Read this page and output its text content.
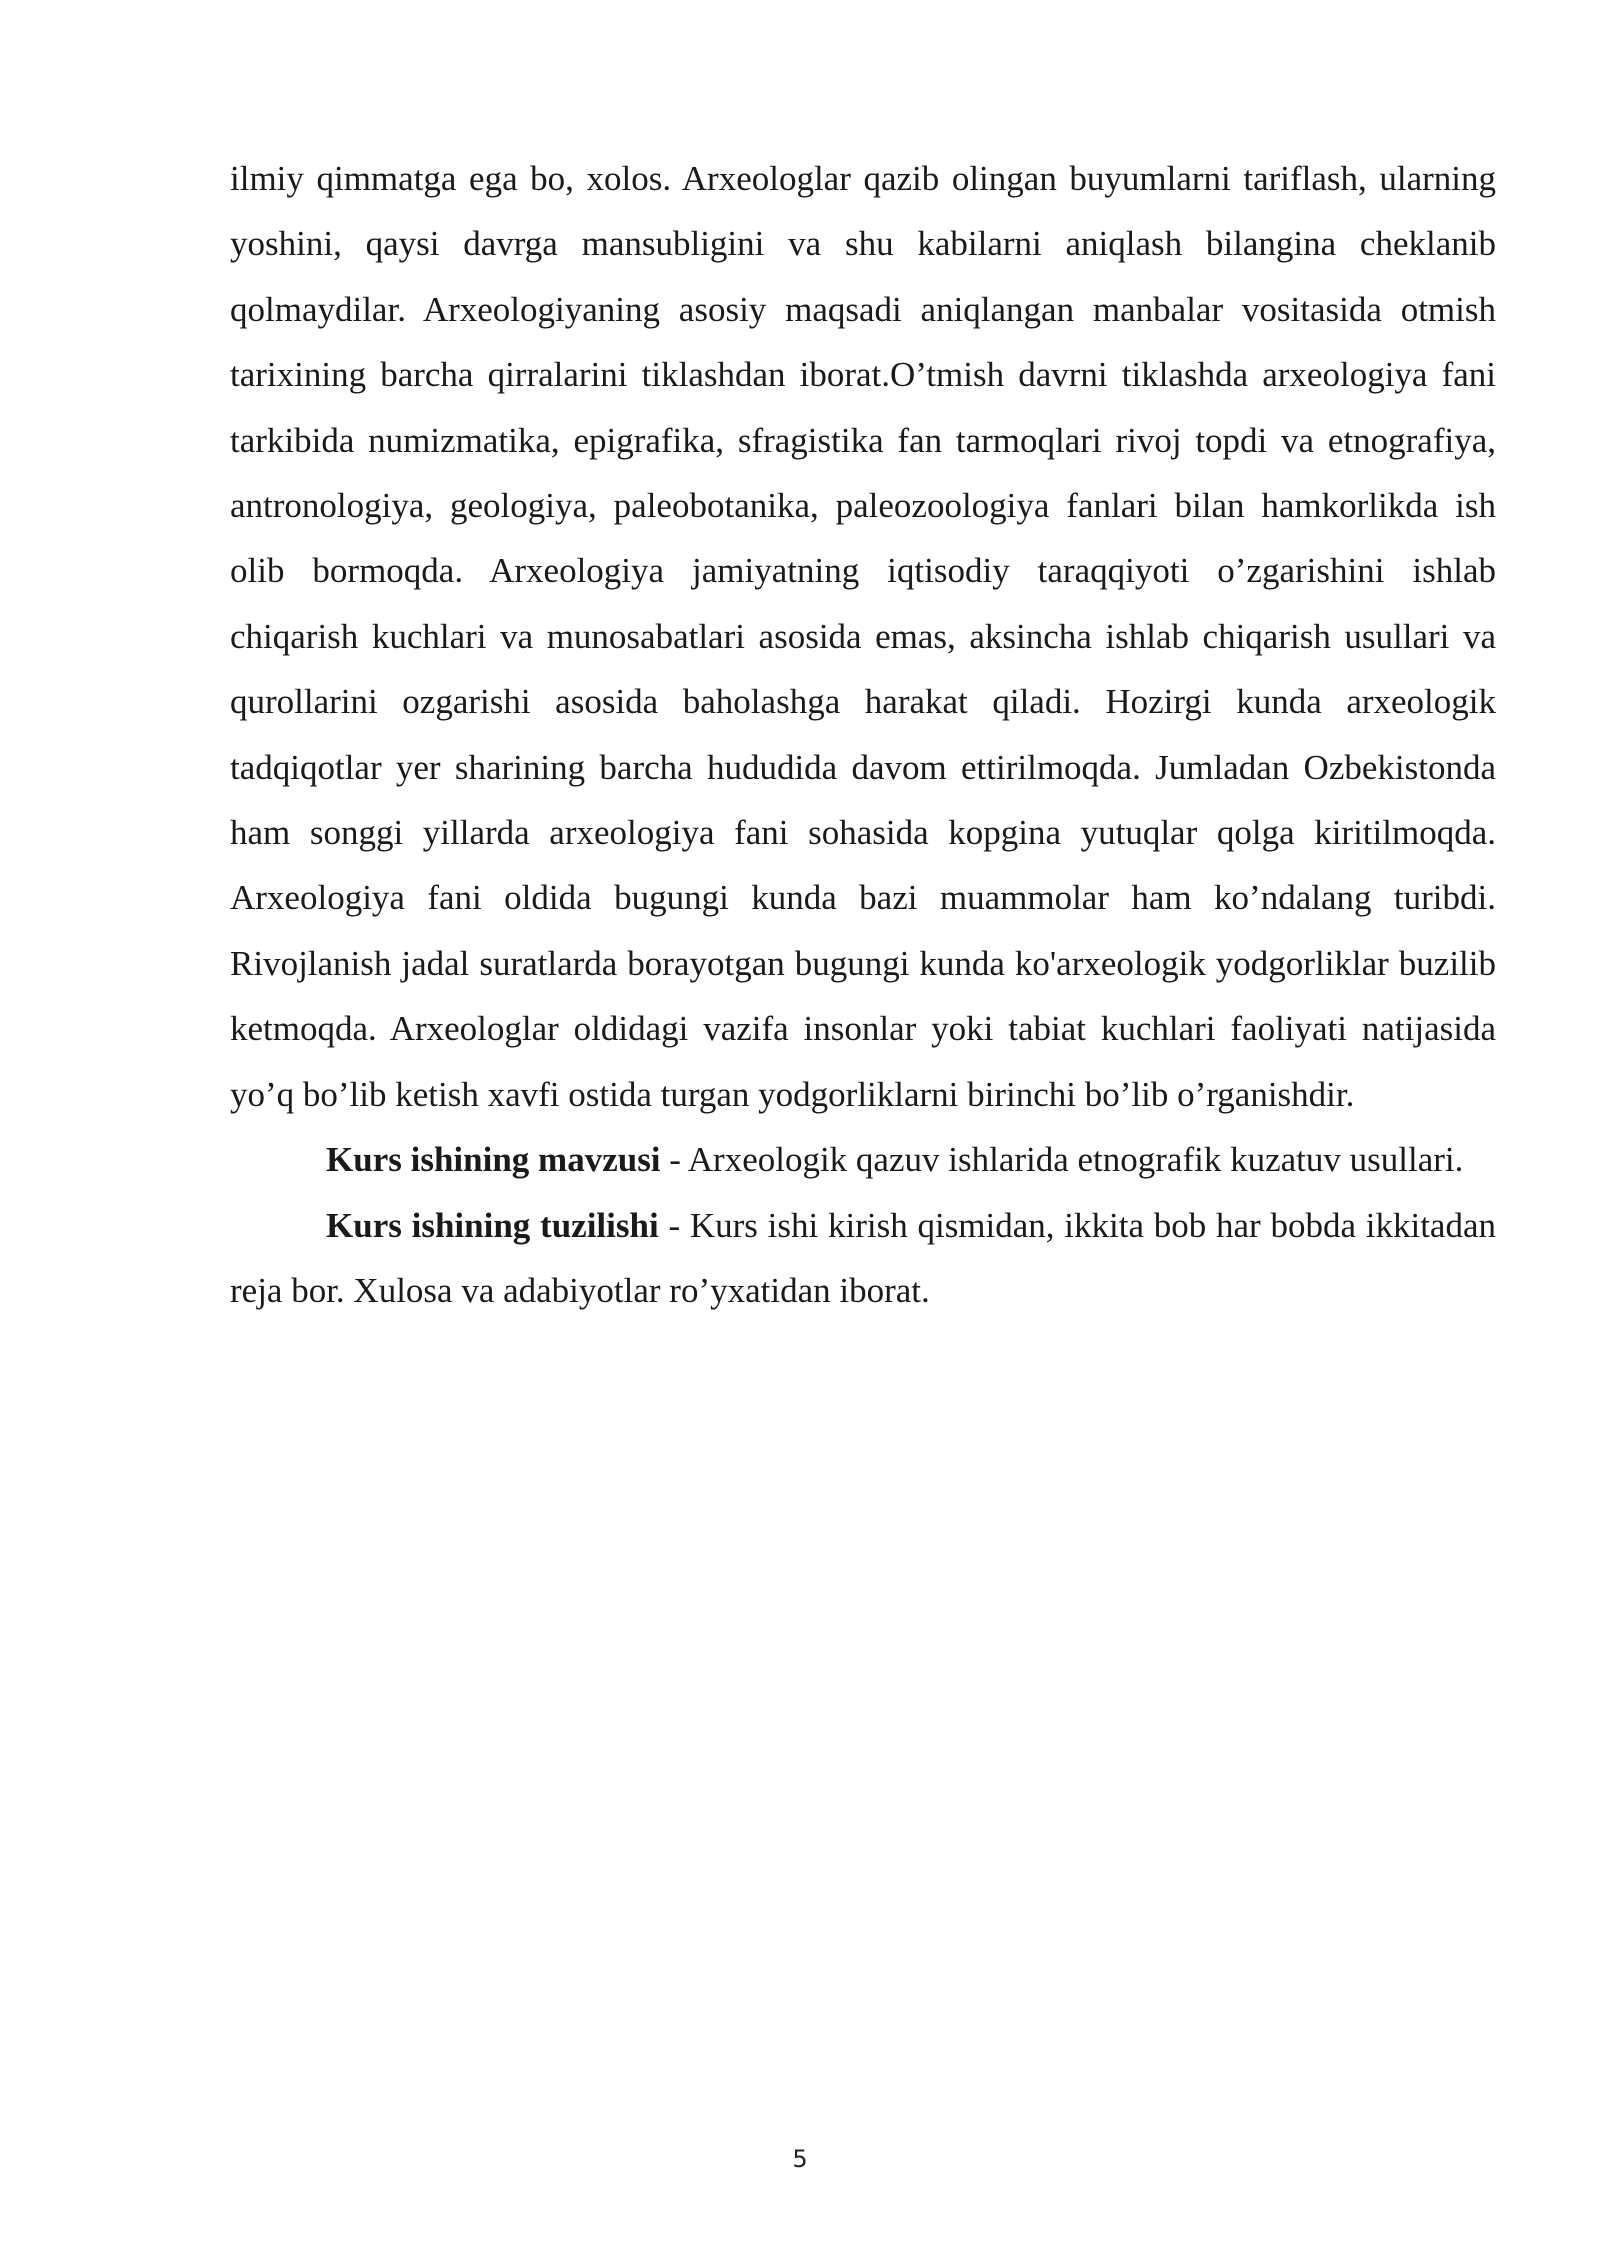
ilmiy qimmatga ega bo, xolos. Arxeologlar qazib olingan buyumlarni tariflash, ularning yoshini, qaysi davrga mansubligini va shu kabilarni aniqlash bilangina cheklanib qolmaydilar. Arxeologiyaning asosiy maqsadi aniqlangan manbalar vositasida otmish tarixining barcha qirralarini tiklashdan iborat.O’tmish davrni tiklashda arxeologiya fani tarkibida numizmatika, epigrafika, sfragistika fan tarmoqlari rivoj topdi va etnografiya, antronologiya, geologiya, paleobotanika, paleozoologiya fanlari bilan hamkorlikda ish olib bormoqda. Arxeologiya jamiyatning iqtisodiy taraqqiyoti o’zgarishini ishlab chiqarish kuchlari va munosabatlari asosida emas, aksincha ishlab chiqarish usullari va qurollarini ozgarishi asosida baholashga harakat qiladi. Hozirgi kunda arxeologik tadqiqotlar yer sharining barcha hududida davom ettirilmoqda. Jumladan Ozbekistonda ham songgi yillarda arxeologiya fani sohasida kopgina yutuqlar qolga kiritilmoqda. Arxeologiya fani oldida bugungi kunda bazi muammolar ham ko’ndalang turibdi. Rivojlanish jadal suratlarda borayotgan bugungi kunda ko'arxeologik yodgorliklar buzilib ketmoqda. Arxeologlar oldidagi vazifa insonlar yoki tabiat kuchlari faoliyati natijasida yo’q bo’lib ketish xavfi ostida turgan yodgorliklarni birinchi bo’lib o’rganishdir.

Kurs ishining mavzusi - Arxeologik qazuv ishlarida etnografik kuzatuv usullari.

Kurs ishining tuzilishi - Kurs ishi kirish qismidan, ikkita bob har bobda ikkitadan reja bor. Xulosa va adabiyotlar ro’yxatidan iborat.

5
